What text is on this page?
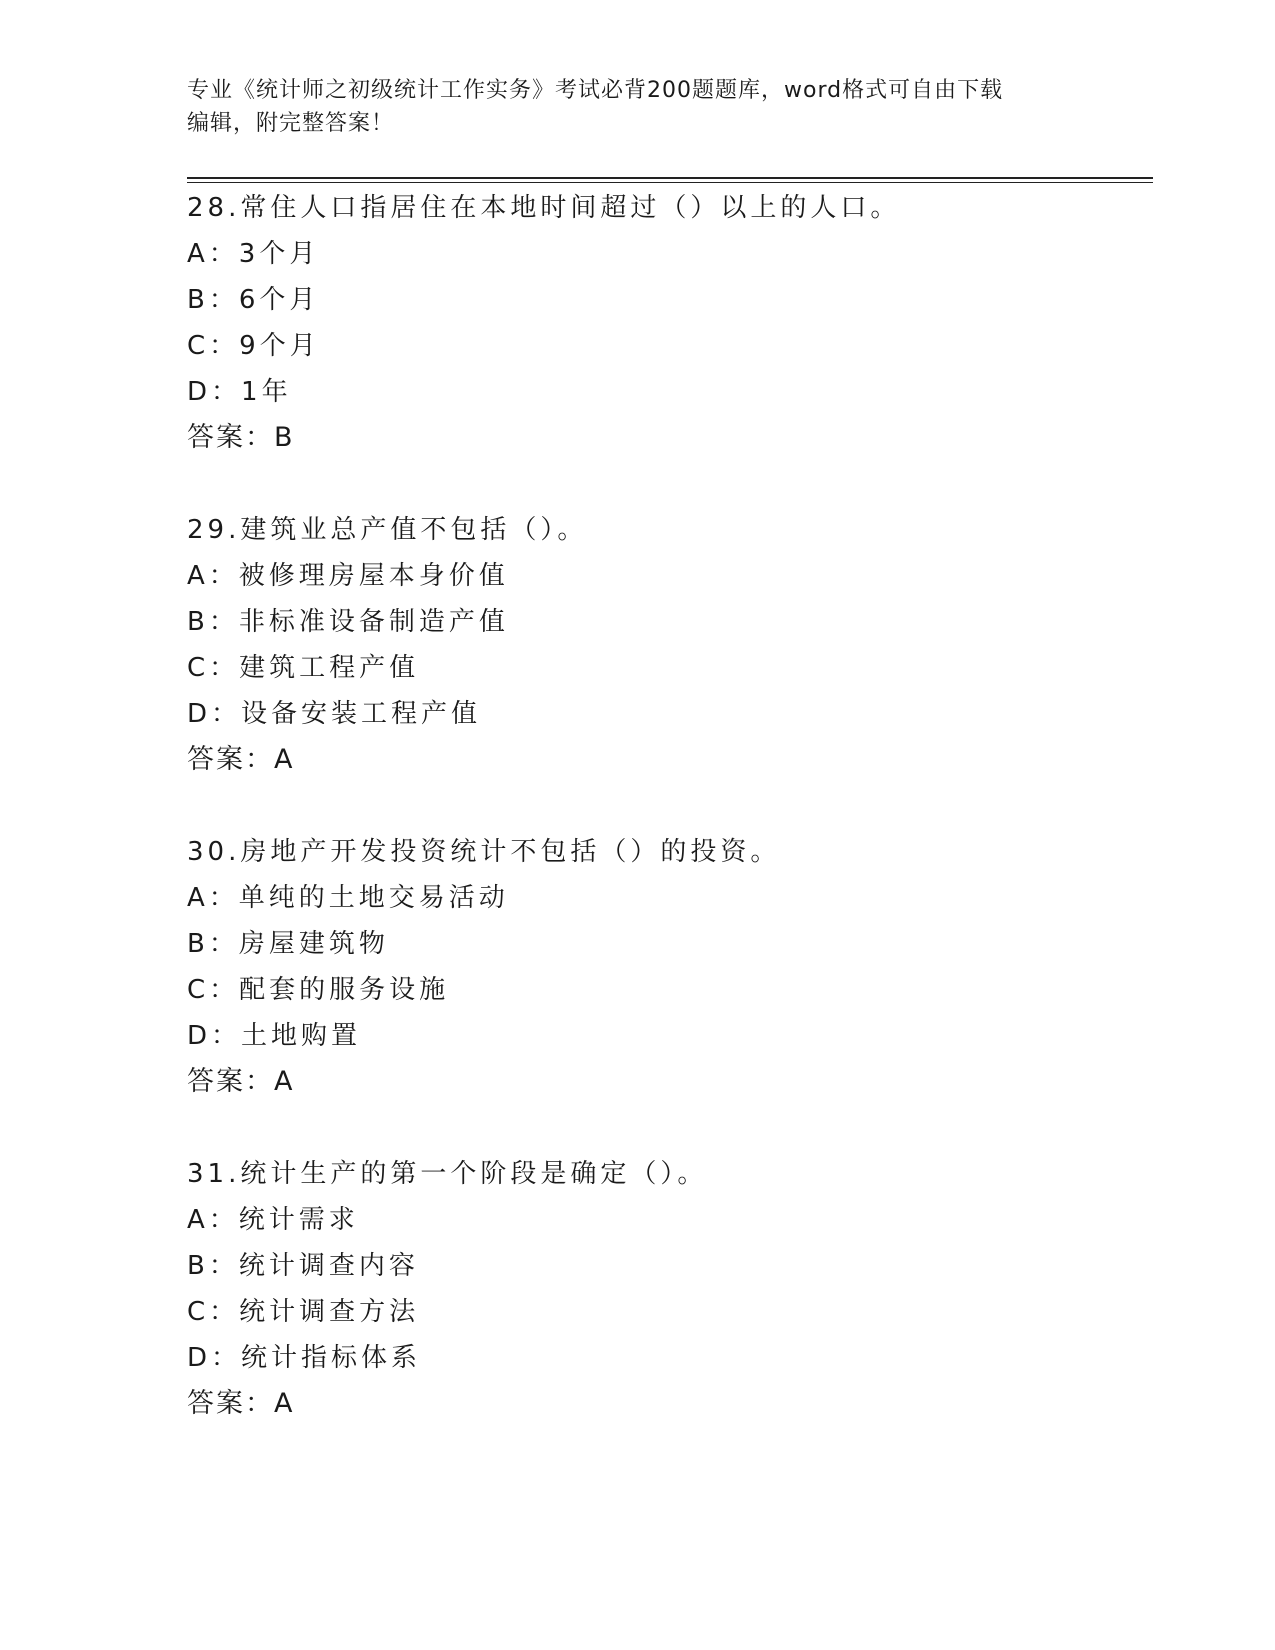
专业《统计师之初级统计工作实务》考试必背200题题库，word格式可自由下载
编辑，附完整答案！
28.常住人口指居住在本地时间超过（）以上的人口。
A：3个月
B：6个月
C：9个月
D：1年
答案：B
29.建筑业总产值不包括（）。
A：被修理房屋本身价值
B：非标准设备制造产值
C：建筑工程产值
D：设备安装工程产值
答案：A
30.房地产开发投资统计不包括（）的投资。
A：单纯的土地交易活动
B：房屋建筑物
C：配套的服务设施
D：土地购置
答案：A
31.统计生产的第一个阶段是确定（）。
A：统计需求
B：统计调查内容
C：统计调查方法
D：统计指标体系
答案：A
